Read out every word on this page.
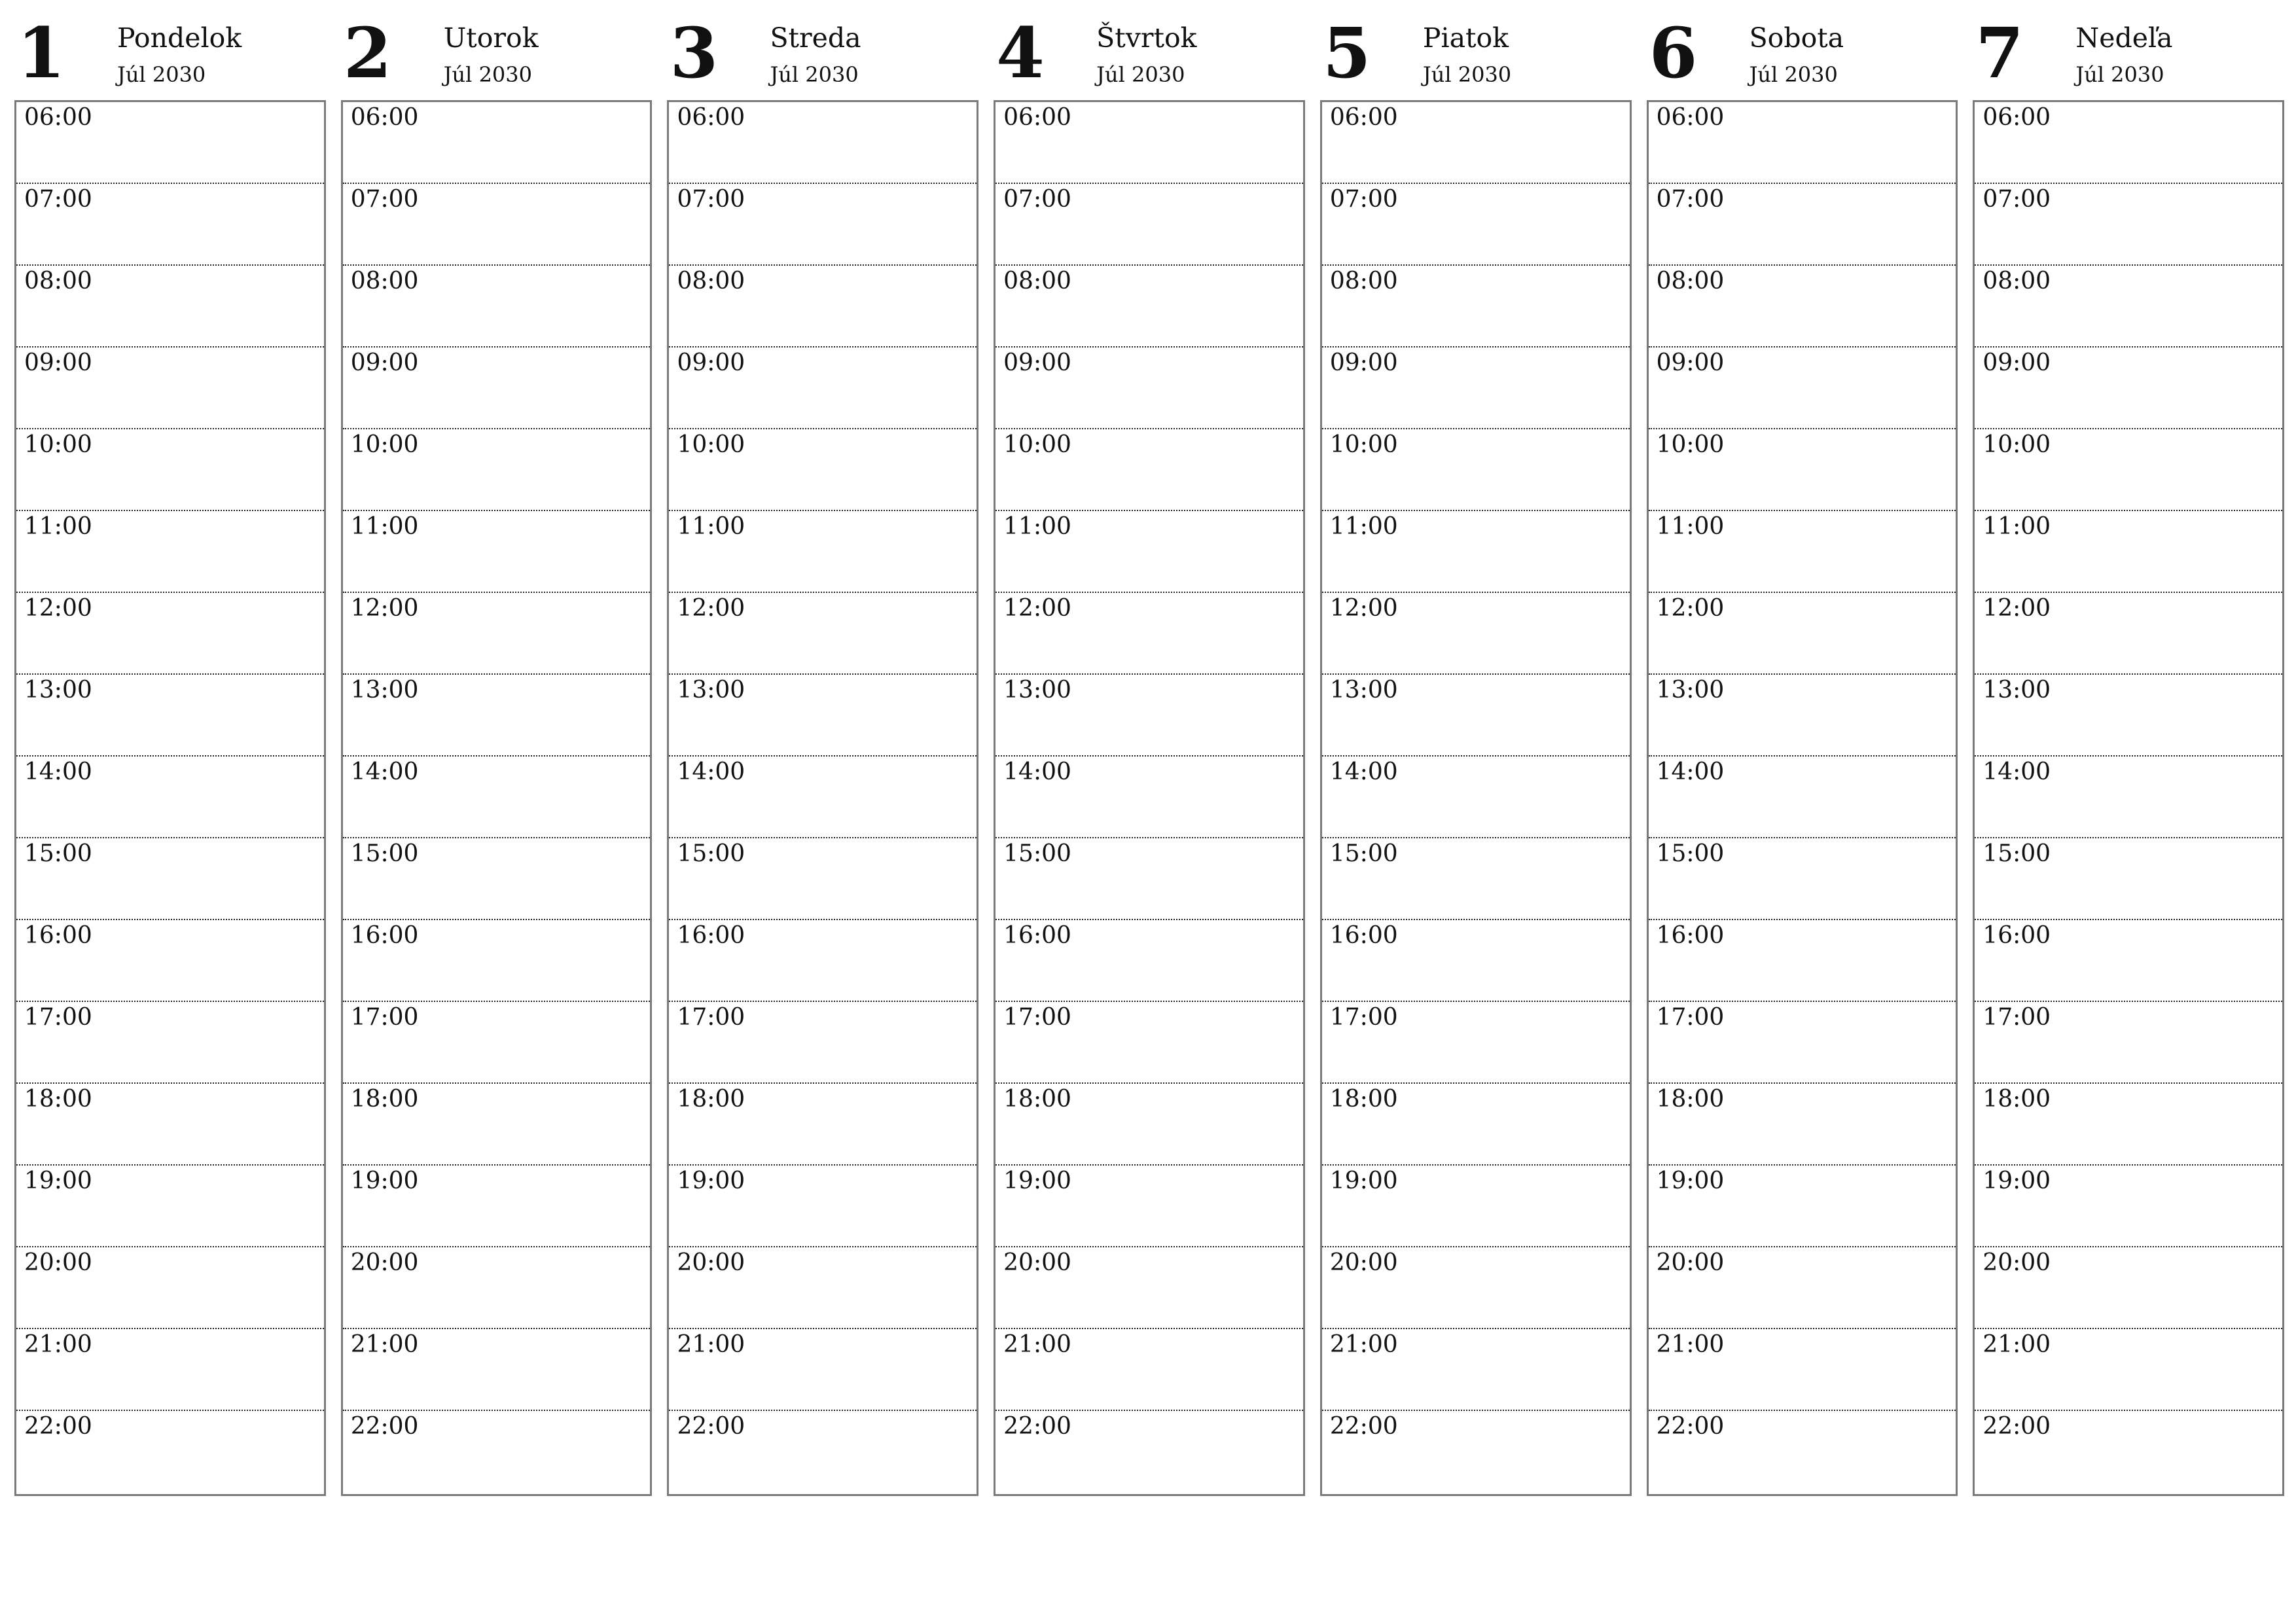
1 Pondelok
Júl 2030
06:00
07:00
08:00
09:00
10:00
11:00
12:00
13:00
14:00
15:00
16:00
17:00
18:00
19:00
20:00
21:00
22:00
2 Utorok
Júl 2030
06:00
07:00
08:00
09:00
10:00
11:00
12:00
13:00
14:00
15:00
16:00
17:00
18:00
19:00
20:00
21:00
22:00
3 Streda
Júl 2030
06:00
07:00
08:00
09:00
10:00
11:00
12:00
13:00
14:00
15:00
16:00
17:00
18:00
19:00
20:00
21:00
22:00
4 Štvrtok
Júl 2030
06:00
07:00
08:00
09:00
10:00
11:00
12:00
13:00
14:00
15:00
16:00
17:00
18:00
19:00
20:00
21:00
22:00
5 Piatok
Júl 2030
06:00
07:00
08:00
09:00
10:00
11:00
12:00
13:00
14:00
15:00
16:00
17:00
18:00
19:00
20:00
21:00
22:00
6 Sobota
Júl 2030
06:00
07:00
08:00
09:00
10:00
11:00
12:00
13:00
14:00
15:00
16:00
17:00
18:00
19:00
20:00
21:00
22:00
7 Nedeľa
Júl 2030
06:00
07:00
08:00
09:00
10:00
11:00
12:00
13:00
14:00
15:00
16:00
17:00
18:00
19:00
20:00
21:00
22:00
